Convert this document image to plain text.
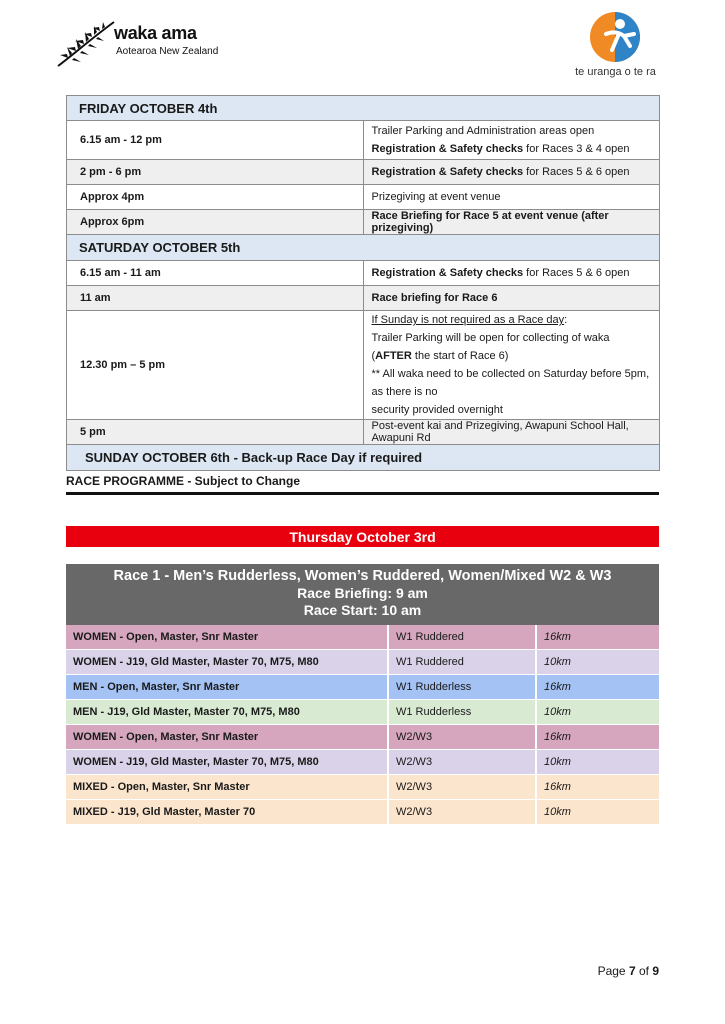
waka ama
Aotearoa New Zealand
te uranga o te ra
FRIDAY OCTOBER 4th	
6.15 am - 12 pm	Trailer Parking and Administration areas open
Registration & Safety checks for Races 3 & 4 open

2 pm - 6 pm	Registration & Safety checks for Races 5 & 6 open
Approx 4pm	Prizegiving at event venue
Approx 6pm	Race Briefing for Race 5 at event venue (after prizegiving)
SATURDAY OCTOBER 5th	
6.15 am - 11 am	Registration & Safety checks for Races 5 & 6 open
11 am	Race briefing for Race 6
12.30 pm – 5 pm	If Sunday is not required as a Race day:
Trailer Parking will be open for collecting of waka (AFTER the start of Race 6)
** All waka need to be collected on Saturday before 5pm, as there is no
security provided overnight

5 pm	Post-event kai and Prizegiving, Awapuni School Hall, Awapuni Rd
SUNDAY OCTOBER 6th - Back-up Race Day if required	
RACE PROGRAMME - Subject to Change
Thursday October 3rd
Race 1 - Men’s Rudderless, Women’s Ruddered, Women/Mixed W2 & W3
Race Briefing: 9 am
Race Start: 10 am
WOMEN - Open, Master, Snr Master	W1 Ruddered	16km
WOMEN - J19, Gld Master, Master 70, M75, M80	W1 Ruddered	10km
MEN - Open, Master, Snr Master	W1 Rudderless	16km
MEN - J19, Gld Master, Master 70, M75, M80	W1 Rudderless	10km
WOMEN - Open, Master, Snr Master	W2/W3	16km
WOMEN - J19, Gld Master, Master 70, M75, M80	W2/W3	10km
MIXED - Open, Master, Snr Master	W2/W3	16km
MIXED - J19, Gld Master, Master 70	W2/W3	10km
Page 7 of 9
